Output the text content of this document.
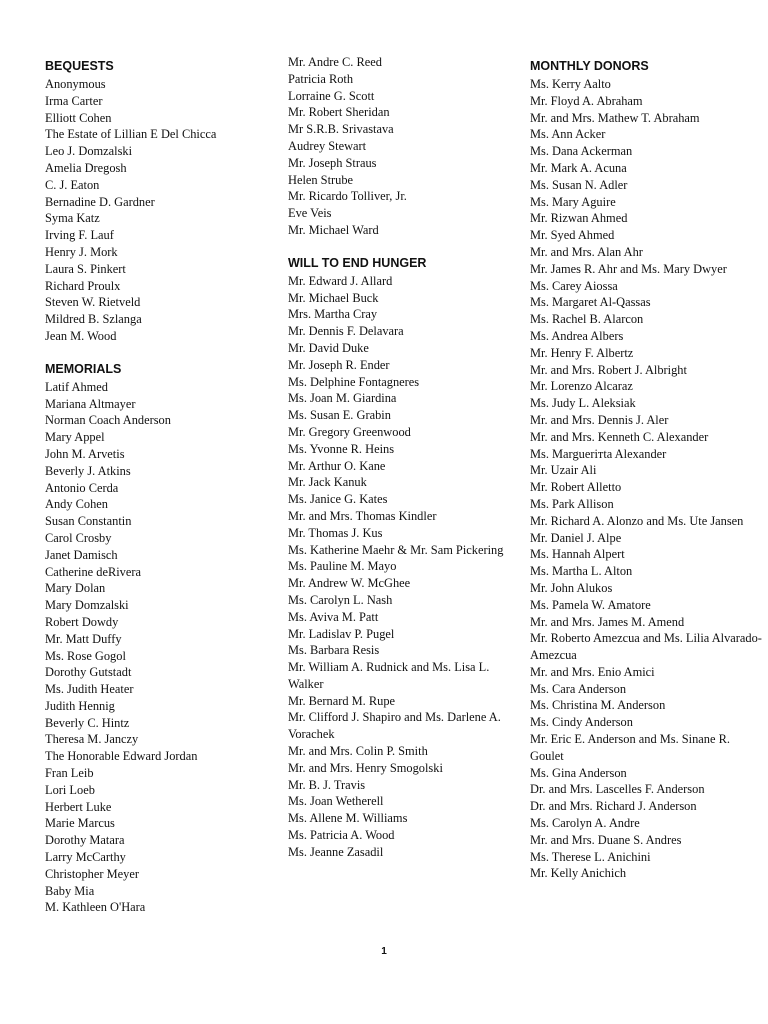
BEQUESTS
Anonymous
Irma Carter
Elliott Cohen
The Estate of Lillian E Del Chicca
Leo J. Domzalski
Amelia Dregosh
C. J. Eaton
Bernadine D. Gardner
Syma Katz
Irving F. Lauf
Henry J. Mork
Laura S. Pinkert
Richard Proulx
Steven W. Rietveld
Mildred B. Szlanga
Jean M. Wood
MEMORIALS
Latif Ahmed
Mariana Altmayer
Norman Coach Anderson
Mary Appel
John M. Arvetis
Beverly J. Atkins
Antonio Cerda
Andy Cohen
Susan Constantin
Carol Crosby
Janet Damisch
Catherine deRivera
Mary Dolan
Mary Domzalski
Robert Dowdy
Mr. Matt Duffy
Ms. Rose Gogol
Dorothy Gutstadt
Ms. Judith Heater
Judith Hennig
Beverly C. Hintz
Theresa M. Janczy
The Honorable Edward Jordan
Fran Leib
Lori Loeb
Herbert Luke
Marie Marcus
Dorothy Matara
Larry McCarthy
Christopher Meyer
Baby Mia
M. Kathleen O'Hara
Mr. Andre C. Reed
Patricia Roth
Lorraine G. Scott
Mr. Robert Sheridan
Mr S.R.B. Srivastava
Audrey Stewart
Mr. Joseph Straus
Helen Strube
Mr. Ricardo Tolliver, Jr.
Eve Veis
Mr. Michael Ward
WILL TO END HUNGER
Mr. Edward J. Allard
Mr. Michael Buck
Mrs. Martha Cray
Mr. Dennis F. Delavara
Mr. David Duke
Mr. Joseph R. Ender
Ms. Delphine Fontagneres
Ms. Joan M. Giardina
Ms. Susan E. Grabin
Mr. Gregory Greenwood
Ms. Yvonne R. Heins
Mr. Arthur O. Kane
Mr. Jack Kanuk
Ms. Janice G. Kates
Mr. and Mrs. Thomas Kindler
Mr. Thomas J. Kus
Ms. Katherine Maehr & Mr. Sam Pickering
Ms. Pauline M. Mayo
Mr. Andrew W. McGhee
Ms. Carolyn L. Nash
Ms. Aviva M. Patt
Mr. Ladislav P. Pugel
Ms. Barbara Resis
Mr. William A. Rudnick and Ms. Lisa L. Walker
Mr. Bernard M. Rupe
Mr. Clifford J. Shapiro and Ms. Darlene A. Vorachek
Mr. and Mrs. Colin P. Smith
Mr. and Mrs. Henry Smogolski
Mr. B. J. Travis
Ms. Joan Wetherell
Ms. Allene M. Williams
Ms. Patricia A. Wood
Ms. Jeanne Zasadil
MONTHLY DONORS
Ms. Kerry Aalto
Mr. Floyd A. Abraham
Mr. and Mrs. Mathew T. Abraham
Ms. Ann Acker
Ms. Dana Ackerman
Mr. Mark A. Acuna
Ms. Susan N. Adler
Ms. Mary Aguire
Mr. Rizwan Ahmed
Mr. Syed Ahmed
Mr. and Mrs. Alan Ahr
Mr. James R. Ahr and Ms. Mary Dwyer
Ms. Carey Aiossa
Ms. Margaret Al-Qassas
Ms. Rachel B. Alarcon
Ms. Andrea Albers
Mr. Henry F. Albertz
Mr. and Mrs. Robert J. Albright
Mr. Lorenzo Alcaraz
Ms. Judy L. Aleksiak
Mr. and Mrs. Dennis J. Aler
Mr. and Mrs. Kenneth C. Alexander
Ms. Marguerітta Alexander
Mr. Uzair Ali
Mr. Robert Alletto
Ms. Park Allison
Mr. Richard A. Alonzo and Ms. Ute Jansen
Mr. Daniel J. Alpe
Ms. Hannah Alpert
Ms. Martha L. Alton
Mr. John Alukos
Ms. Pamela W. Amatore
Mr. and Mrs. James M. Amend
Mr. Roberto Amezcua and Ms. Lilia Alvarado-Amezcua
Mr. and Mrs. Enio Amici
Ms. Cara Anderson
Ms. Christina M. Anderson
Ms. Cindy Anderson
Mr. Eric E. Anderson and Ms. Sinane R. Goulet
Ms. Gina Anderson
Dr. and Mrs. Lascelles F. Anderson
Dr. and Mrs. Richard J. Anderson
Ms. Carolyn A. Andre
Mr. and Mrs. Duane S. Andres
Ms. Therese L. Anichini
Mr. Kelly Anichich
1
